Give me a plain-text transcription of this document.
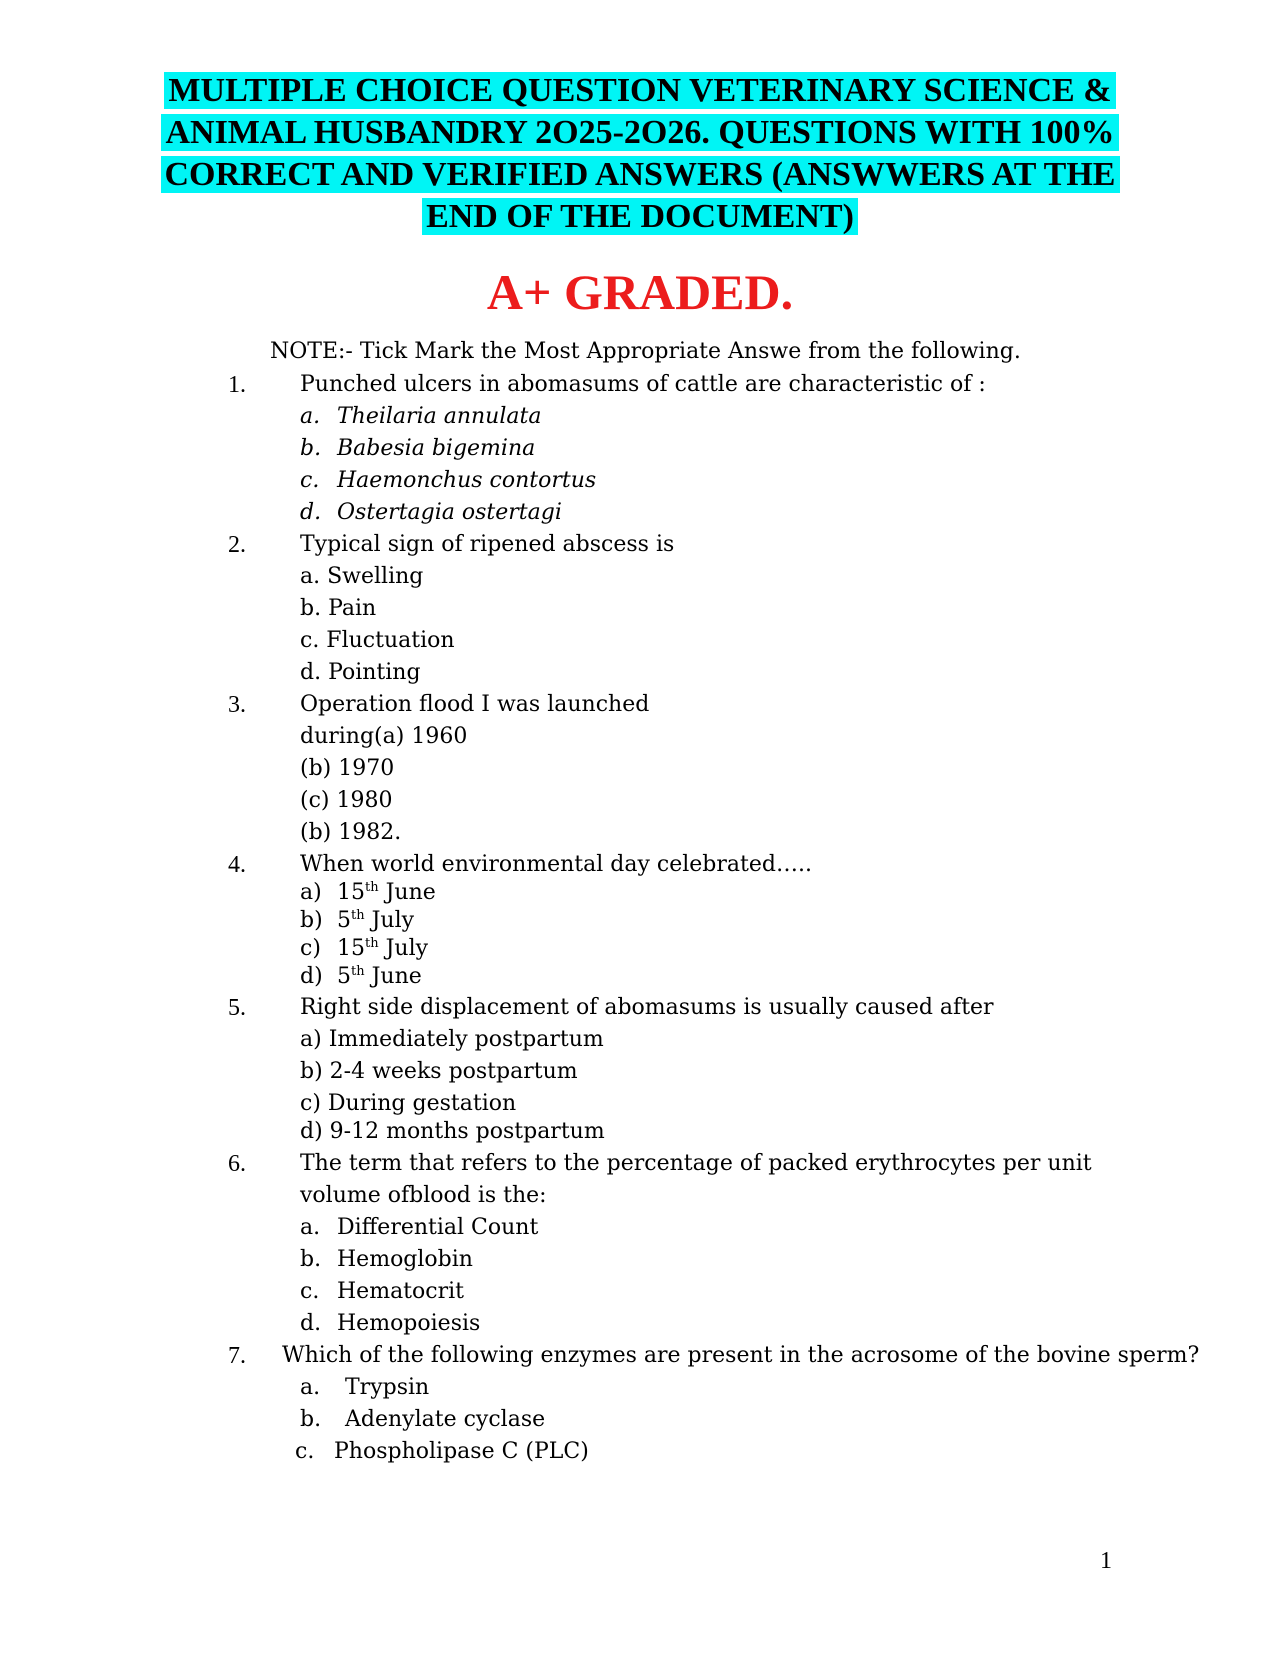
MULTIPLE CHOICE QUESTION VETERINARY SCIENCE &
ANIMAL HUSBANDRY 2O25-2O26. QUESTIONS WITH 100%
CORRECT AND VERIFIED ANSWERS (ANSWWERS AT THE
END OF THE DOCUMENT)
A+ GRADED.
NOTE:- Tick Mark the Most Appropriate Answe from the following.
1. Punched ulcers in abomasums of cattle are characteristic of :
a. Theilaria annulata
b. Babesia bigemina
c. Haemonchus contortus
d. Ostertagia ostertagi
2. Typical sign of ripened abscess is
a. Swelling
b. Pain
c. Fluctuation
d. Pointing
3. Operation flood I was launched
during(a) 1960
(b) 1970
(c) 1980
(b) 1982.
4. When world environmental day celebrated…..
a) 15th June
b) 5th July
c) 15th July
d) 5th June
5. Right side displacement of abomasums is usually caused after
a) Immediately postpartum
b) 2-4 weeks postpartum
c) During gestation
d) 9-12 months postpartum
6. The term that refers to the percentage of packed erythrocytes per unit
volume ofblood is the:
a. Differential Count
b. Hemoglobin
c. Hematocrit
d. Hemopoiesis
7. Which of the following enzymes are present in the acrosome of the bovine sperm?
a. Trypsin
b. Adenylate cyclase
c. Phospholipase C (PLC)
1
